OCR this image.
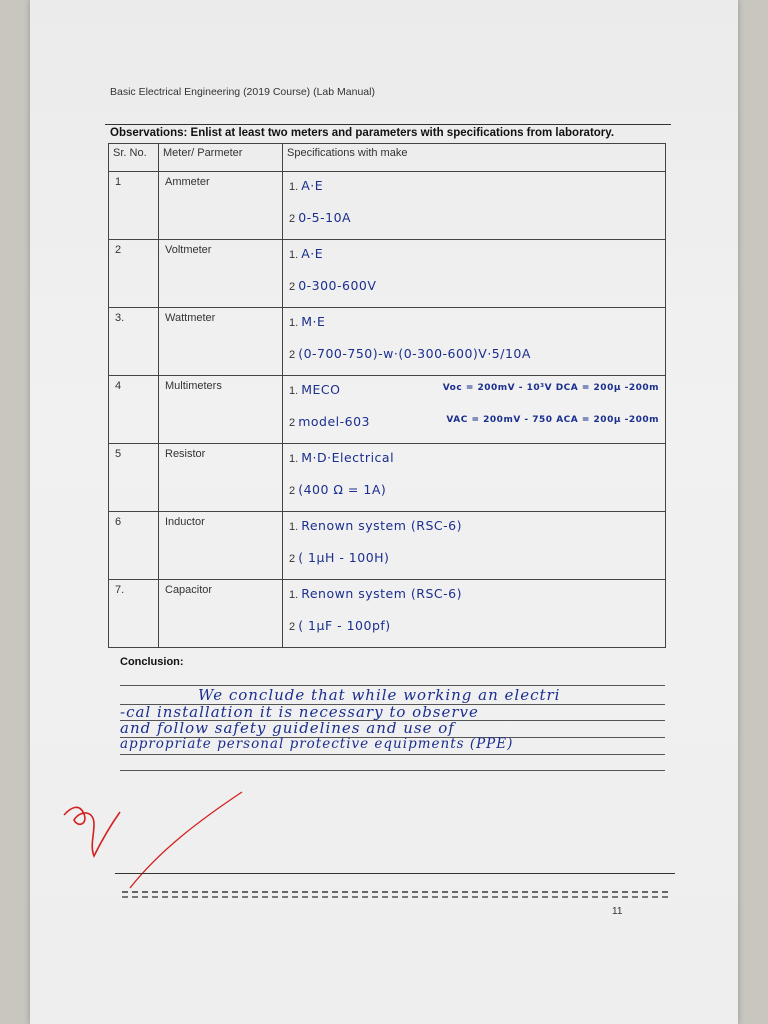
Basic Electrical Engineering (2019 Course) (Lab Manual)
Observations: Enlist at least two meters and parameters with specifications from laboratory.
Sr. No.	Meter/ Parmeter	Specifications with make
1	Ammeter	1. A·E
2 0-5-10A

2	Voltmeter	1. A·E
2 0-300-600V

3.	Wattmeter	1. M·E
2 (0-700-750)-w·(0-300-600)V·5/10A

4	Multimeters	1. MECO Voc = 200mV - 10³V DCA = 200µ -200m
2 model-603 VAC = 200mV - 750 ACA = 200µ -200m

5	Resistor	1. M·D·Electrical
2 (400 Ω = 1A)

6	Inductor	1. Renown system (RSC-6)
2 ( 1µH - 100H)

7.	Capacitor	1. Renown system (RSC-6)
2 ( 1µF - 100pf)
Conclusion:
We conclude that while working an electri
-cal installation it is necessary to observe
and follow safety guidelines and use of
appropriate personal protective equipments (PPE)
11
